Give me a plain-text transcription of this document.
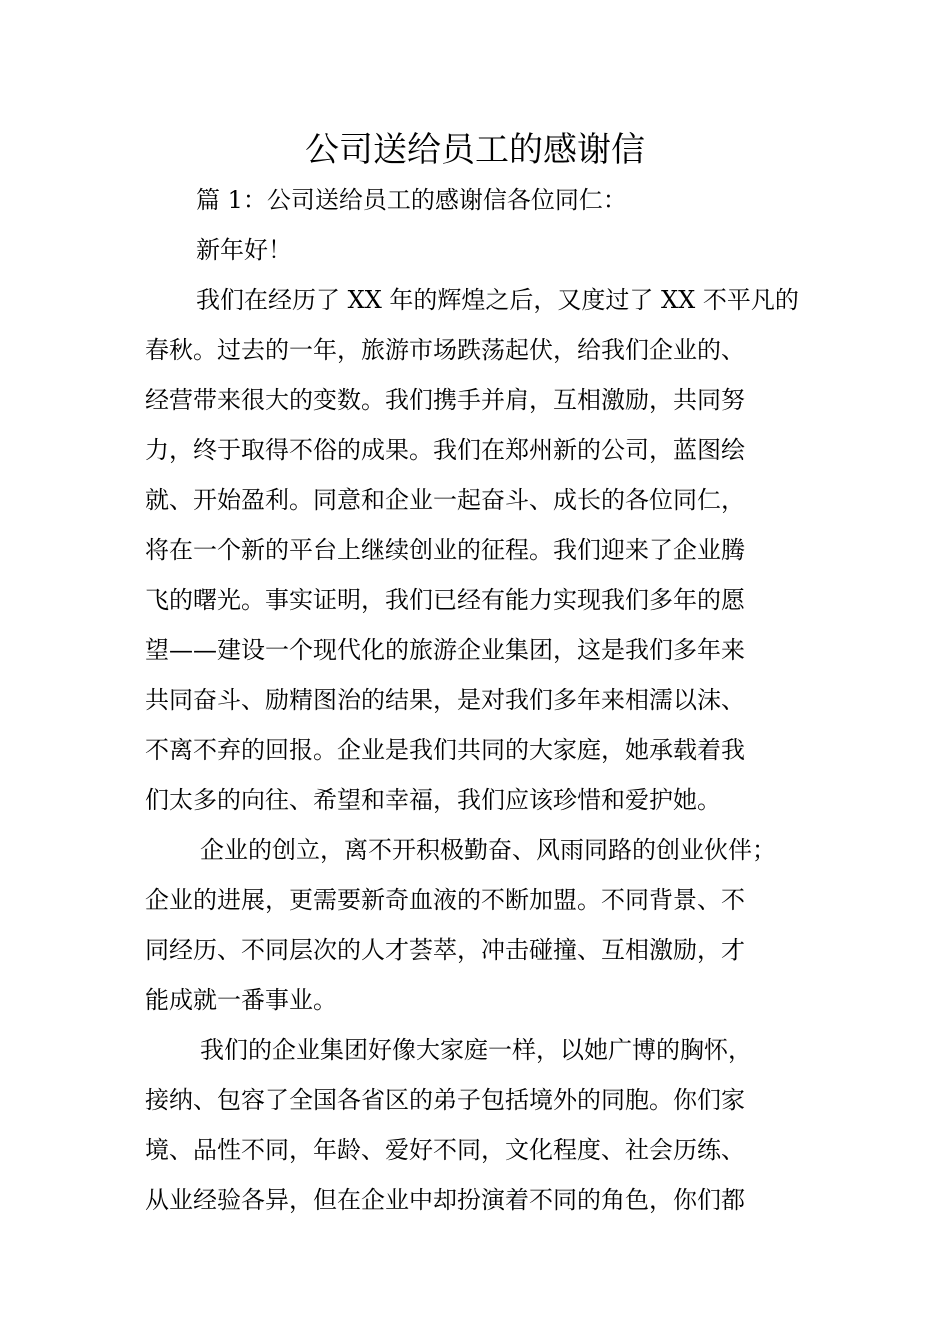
公司送给员工的感谢信

篇 1：公司送给员工的感谢信各位同仁：

新年好！

我们在经历了 XX 年的辉煌之后，又度过了 XX 不平凡的

春秋。过去的一年，旅游市场跌荡起伏，给我们企业的、

经营带来很大的变数。我们携手并肩，互相激励，共同努

力，终于取得不俗的成果。我们在郑州新的公司，蓝图绘

就、开始盈利。同意和企业一起奋斗、成长的各位同仁，

将在一个新的平台上继续创业的征程。我们迎来了企业腾

飞的曙光。事实证明，我们已经有能力实现我们多年的愿

望——建设一个现代化的旅游企业集团，这是我们多年来

共同奋斗、励精图治的结果，是对我们多年来相濡以沫、

不离不弃的回报。企业是我们共同的大家庭，她承载着我

们太多的向往、希望和幸福，我们应该珍惜和爱护她。

企业的创立，离不开积极勤奋、风雨同路的创业伙伴；

企业的进展，更需要新奇血液的不断加盟。不同背景、不

同经历、不同层次的人才荟萃，冲击碰撞、互相激励，才

能成就一番事业。

我们的企业集团好像大家庭一样，以她广博的胸怀，

接纳、包容了全国各省区的弟子包括境外的同胞。你们家

境、品性不同，年龄、爱好不同，文化程度、社会历练、

从业经验各异，但在企业中却扮演着不同的角色，你们都
